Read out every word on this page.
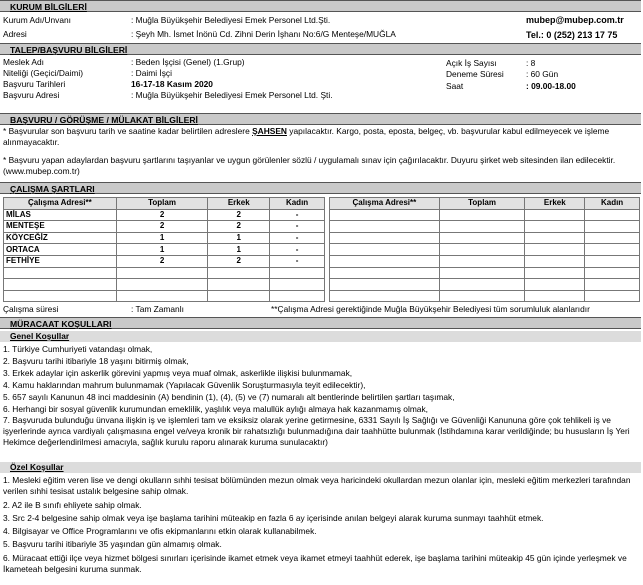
KURUM BİLGİLERİ
Kurum Adı/Unvanı	: Muğla Büyükşehir Belediyesi Emek Personel Ltd.Şti.	mubep@mubep.com.tr
Adresi	: Şeyh Mh. İsmet İnönü Cd. Zihni Derin İşhanı No:6/G Menteşe/MUĞLA	Tel.: 0 (252) 213 17 75
TALEP/BAŞVURU BİLGİLERİ
Meslek Adı	: Beden İşçisi (Genel) (1.Grup)
Niteliği (Geçici/Daimi)	: Daimi İşçi
Başvuru Tarihleri	16-17-18 Kasım 2020
Başvuru Adresi	: Muğla Büyükşehir Belediyesi Emek Personel Ltd. Şti.
Açık İş Sayısı	: 8
Deneme Süresi	: 60 Gün
Saat	: 09.00-18.00
BAŞVURU / GÖRÜŞME / MÜLAKAT BİLGİLERİ
* Başvurular son başvuru tarih ve saatine kadar belirtilen adreslere ŞAHSEN yapılacaktır. Kargo, posta, eposta, belgeç, vb. başvurular kabul edilmeyecek ve işleme alınmayacaktır.
* Başvuru yapan adaylardan başvuru şartlarını taşıyanlar ve uygun görülenler sözlü / uygulamalı sınav için çağırılacaktır. Duyuru şirket web sitesinden ilan edilecektir. (www.mubep.com.tr)
ÇALIŞMA ŞARTLARI
Çalışma Adresi**	Toplam	Erkek	Kadın
MİLAS	2	2	-
MENTEŞE	2	2	-
KÖYCEĞİZ	1	1	-
ORTACA	1	1	-
FETHİYE	2	2	-

Çalışma Adresi**	Toplam	Erkek	Kadın

Çalışma süresi	: Tam Zamanlı	**Çalışma Adresi gerektiğinde Muğla Büyükşehir Belediyesi tüm sorumluluk alanlarıdır
MÜRACAAT KOŞULLARI
Genel Koşullar
1. Türkiye Cumhuriyeti vatandaşı olmak,
2. Başvuru tarihi itibariyle 18 yaşını bitirmiş olmak,
3. Erkek adaylar için askerlik görevini yapmış veya muaf olmak, askerlikle ilişkisi bulunmamak,
4. Kamu haklarından mahrum bulunmamak (Yapılacak Güvenlik Soruşturmasıyla teyit edilecektir),
5. 657 sayılı Kanunun 48 inci maddesinin (A) bendinin (1), (4), (5) ve (7) numaralı alt bentlerinde belirtilen şartları taşımak,
6. Herhangi bir sosyal güvenlik kurumundan emeklilik, yaşlılık veya malullük aylığı almaya hak kazanmamış olmak,
7. Başvuruda bulunduğu ünvana ilişkin iş ve işlemleri tam ve eksiksiz olarak yerine getirmesine, 6331 Sayılı İş Sağlığı ve Güvenliği Kanununa göre çok tehlikeli iş ve işyerlerinde ayrıca vardiyalı çalışmasına engel ve/veya kronik bir rahatsızlığı bulunmadığına dair taahhütte bulunmak (İstihdamına karar verildiğinde; bu hususların İş Yeri Hekimce değerlendirilmesi amacıyla, sağlık kurulu raporu alınarak kuruma sunulacaktır)
Özel Koşullar
1. Mesleki eğitim veren lise ve dengi okulların sıhhi tesisat bölümünden mezun olmak veya haricindeki okullardan mezun olanlar için, mesleki eğitim merkezleri tarafından verilen sıhhi tesisat ustalık belgesine sahip olmak.
2. A2 ile B sınıfı ehliyete sahip olmak.
3. Src 2-4 belgesine sahip olmak veya işe başlama tarihini müteakip en fazla 6 ay içerisinde anılan belgeyi alarak kuruma sunmayı taahhüt etmek.
4. Bilgisayar ve Office Programlarını ve ofis ekipmanlarını etkin olarak kullanabilmek.
5. Başvuru tarihi itibariyle 35 yaşından gün almamış olmak.
6. Müracaat ettiği ilçe veya hizmet bölgesi sınırları içerisinde ikamet etmek veya ikamet etmeyi taahhüt ederek, işe başlama tarihini müteakip 45 gün içinde yerleşmek ve İkameteah belgesini kuruma sunmak.
